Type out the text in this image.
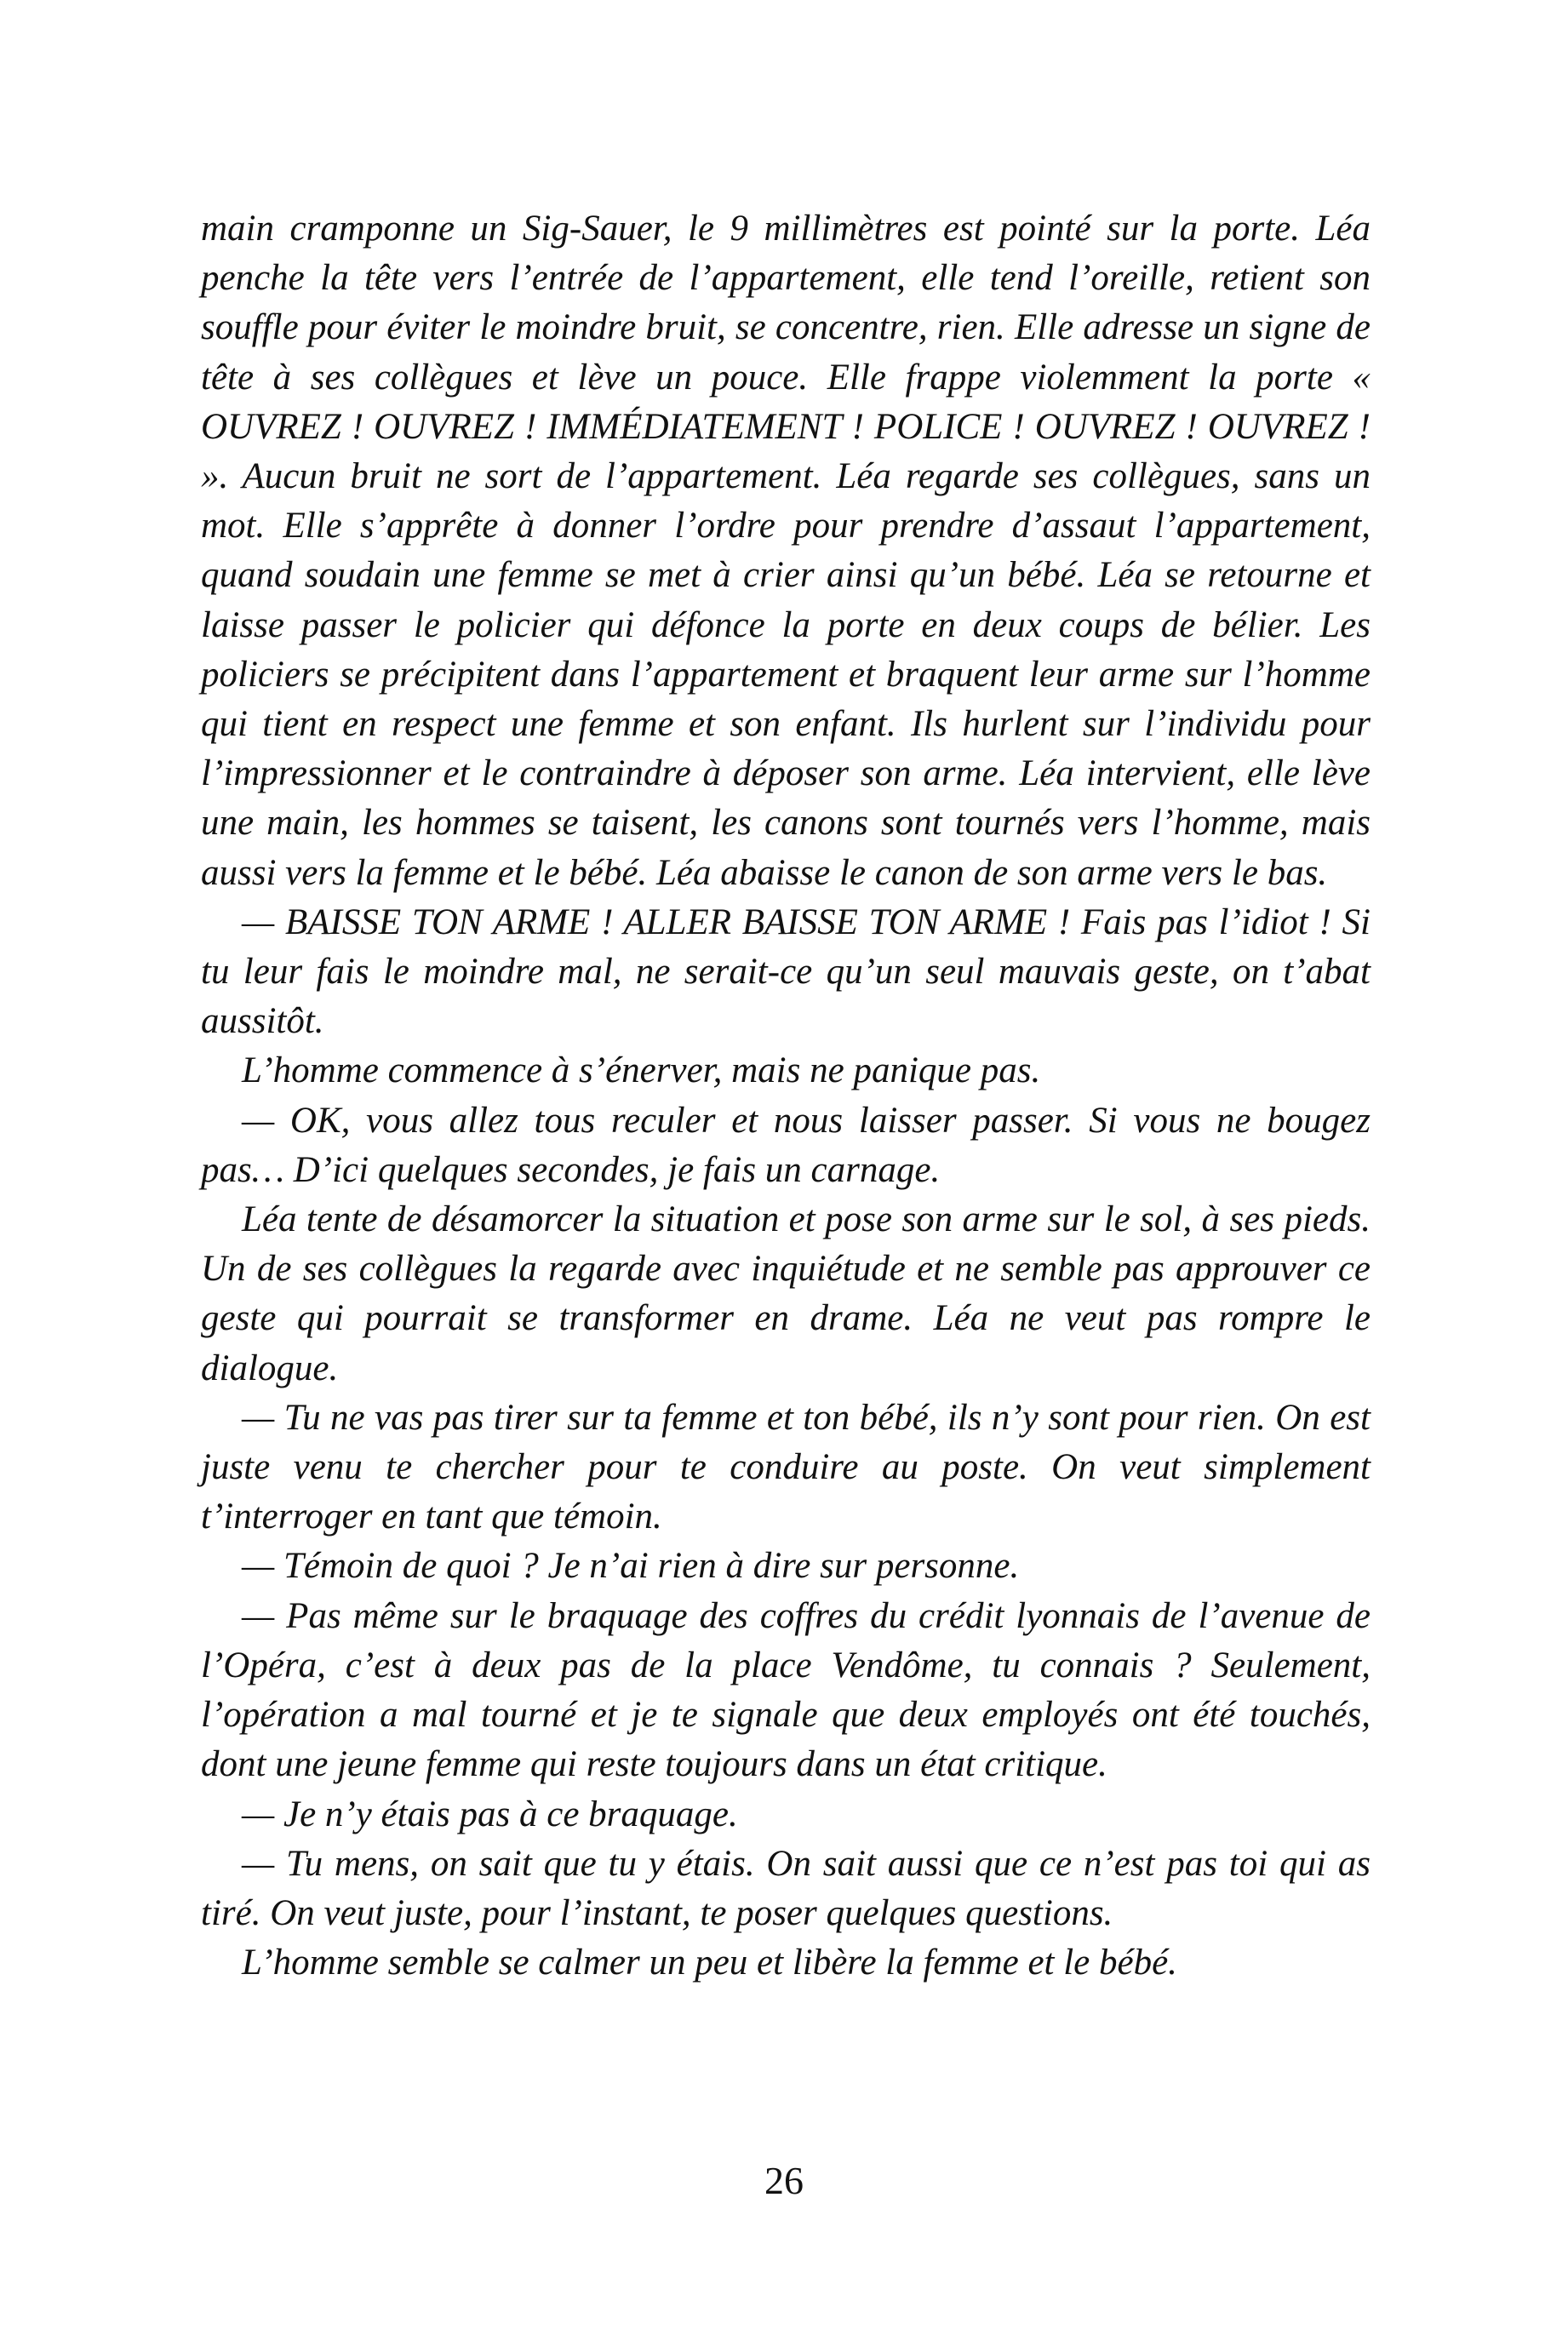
main cramponne un Sig-Sauer, le 9 millimètres est pointé sur la porte. Léa penche la tête vers l’entrée de l’appartement, elle tend l’oreille, retient son souffle pour éviter le moindre bruit, se concentre, rien. Elle adresse un signe de tête à ses collègues et lève un pouce. Elle frappe violemment la porte « OUVREZ ! OUVREZ ! IMMÉDIATEMENT ! POLICE ! OUVREZ ! OUVREZ ! ». Aucun bruit ne sort de l’appartement. Léa regarde ses collègues, sans un mot. Elle s’apprête à donner l’ordre pour prendre d’assaut l’appartement, quand soudain une femme se met à crier ainsi qu’un bébé. Léa se retourne et laisse passer le policier qui défonce la porte en deux coups de bélier. Les policiers se précipitent dans l’appartement et braquent leur arme sur l’homme qui tient en respect une femme et son enfant. Ils hurlent sur l’individu pour l’impressionner et le contraindre à déposer son arme. Léa intervient, elle lève une main, les hommes se taisent, les canons sont tournés vers l’homme, mais aussi vers la femme et le bébé. Léa abaisse le canon de son arme vers le bas.

— BAISSE TON ARME ! ALLER BAISSE TON ARME ! Fais pas l’idiot ! Si tu leur fais le moindre mal, ne serait-ce qu’un seul mauvais geste, on t’abat aussitôt.

L’homme commence à s’énerver, mais ne panique pas.

— OK, vous allez tous reculer et nous laisser passer. Si vous ne bougez pas… D’ici quelques secondes, je fais un carnage.

Léa tente de désamorcer la situation et pose son arme sur le sol, à ses pieds. Un de ses collègues la regarde avec inquiétude et ne semble pas approuver ce geste qui pourrait se transformer en drame. Léa ne veut pas rompre le dialogue.

— Tu ne vas pas tirer sur ta femme et ton bébé, ils n’y sont pour rien. On est juste venu te chercher pour te conduire au poste. On veut simplement t’interroger en tant que témoin.

— Témoin de quoi ? Je n’ai rien à dire sur personne.

— Pas même sur le braquage des coffres du crédit lyonnais de l’avenue de l’Opéra, c’est à deux pas de la place Vendôme, tu connais ? Seulement, l’opération a mal tourné et je te signale que deux employés ont été touchés, dont une jeune femme qui reste toujours dans un état critique.

— Je n’y étais pas à ce braquage.

— Tu mens, on sait que tu y étais. On sait aussi que ce n’est pas toi qui as tiré. On veut juste, pour l’instant, te poser quelques questions.

L’homme semble se calmer un peu et libère la femme et le bébé.

26
